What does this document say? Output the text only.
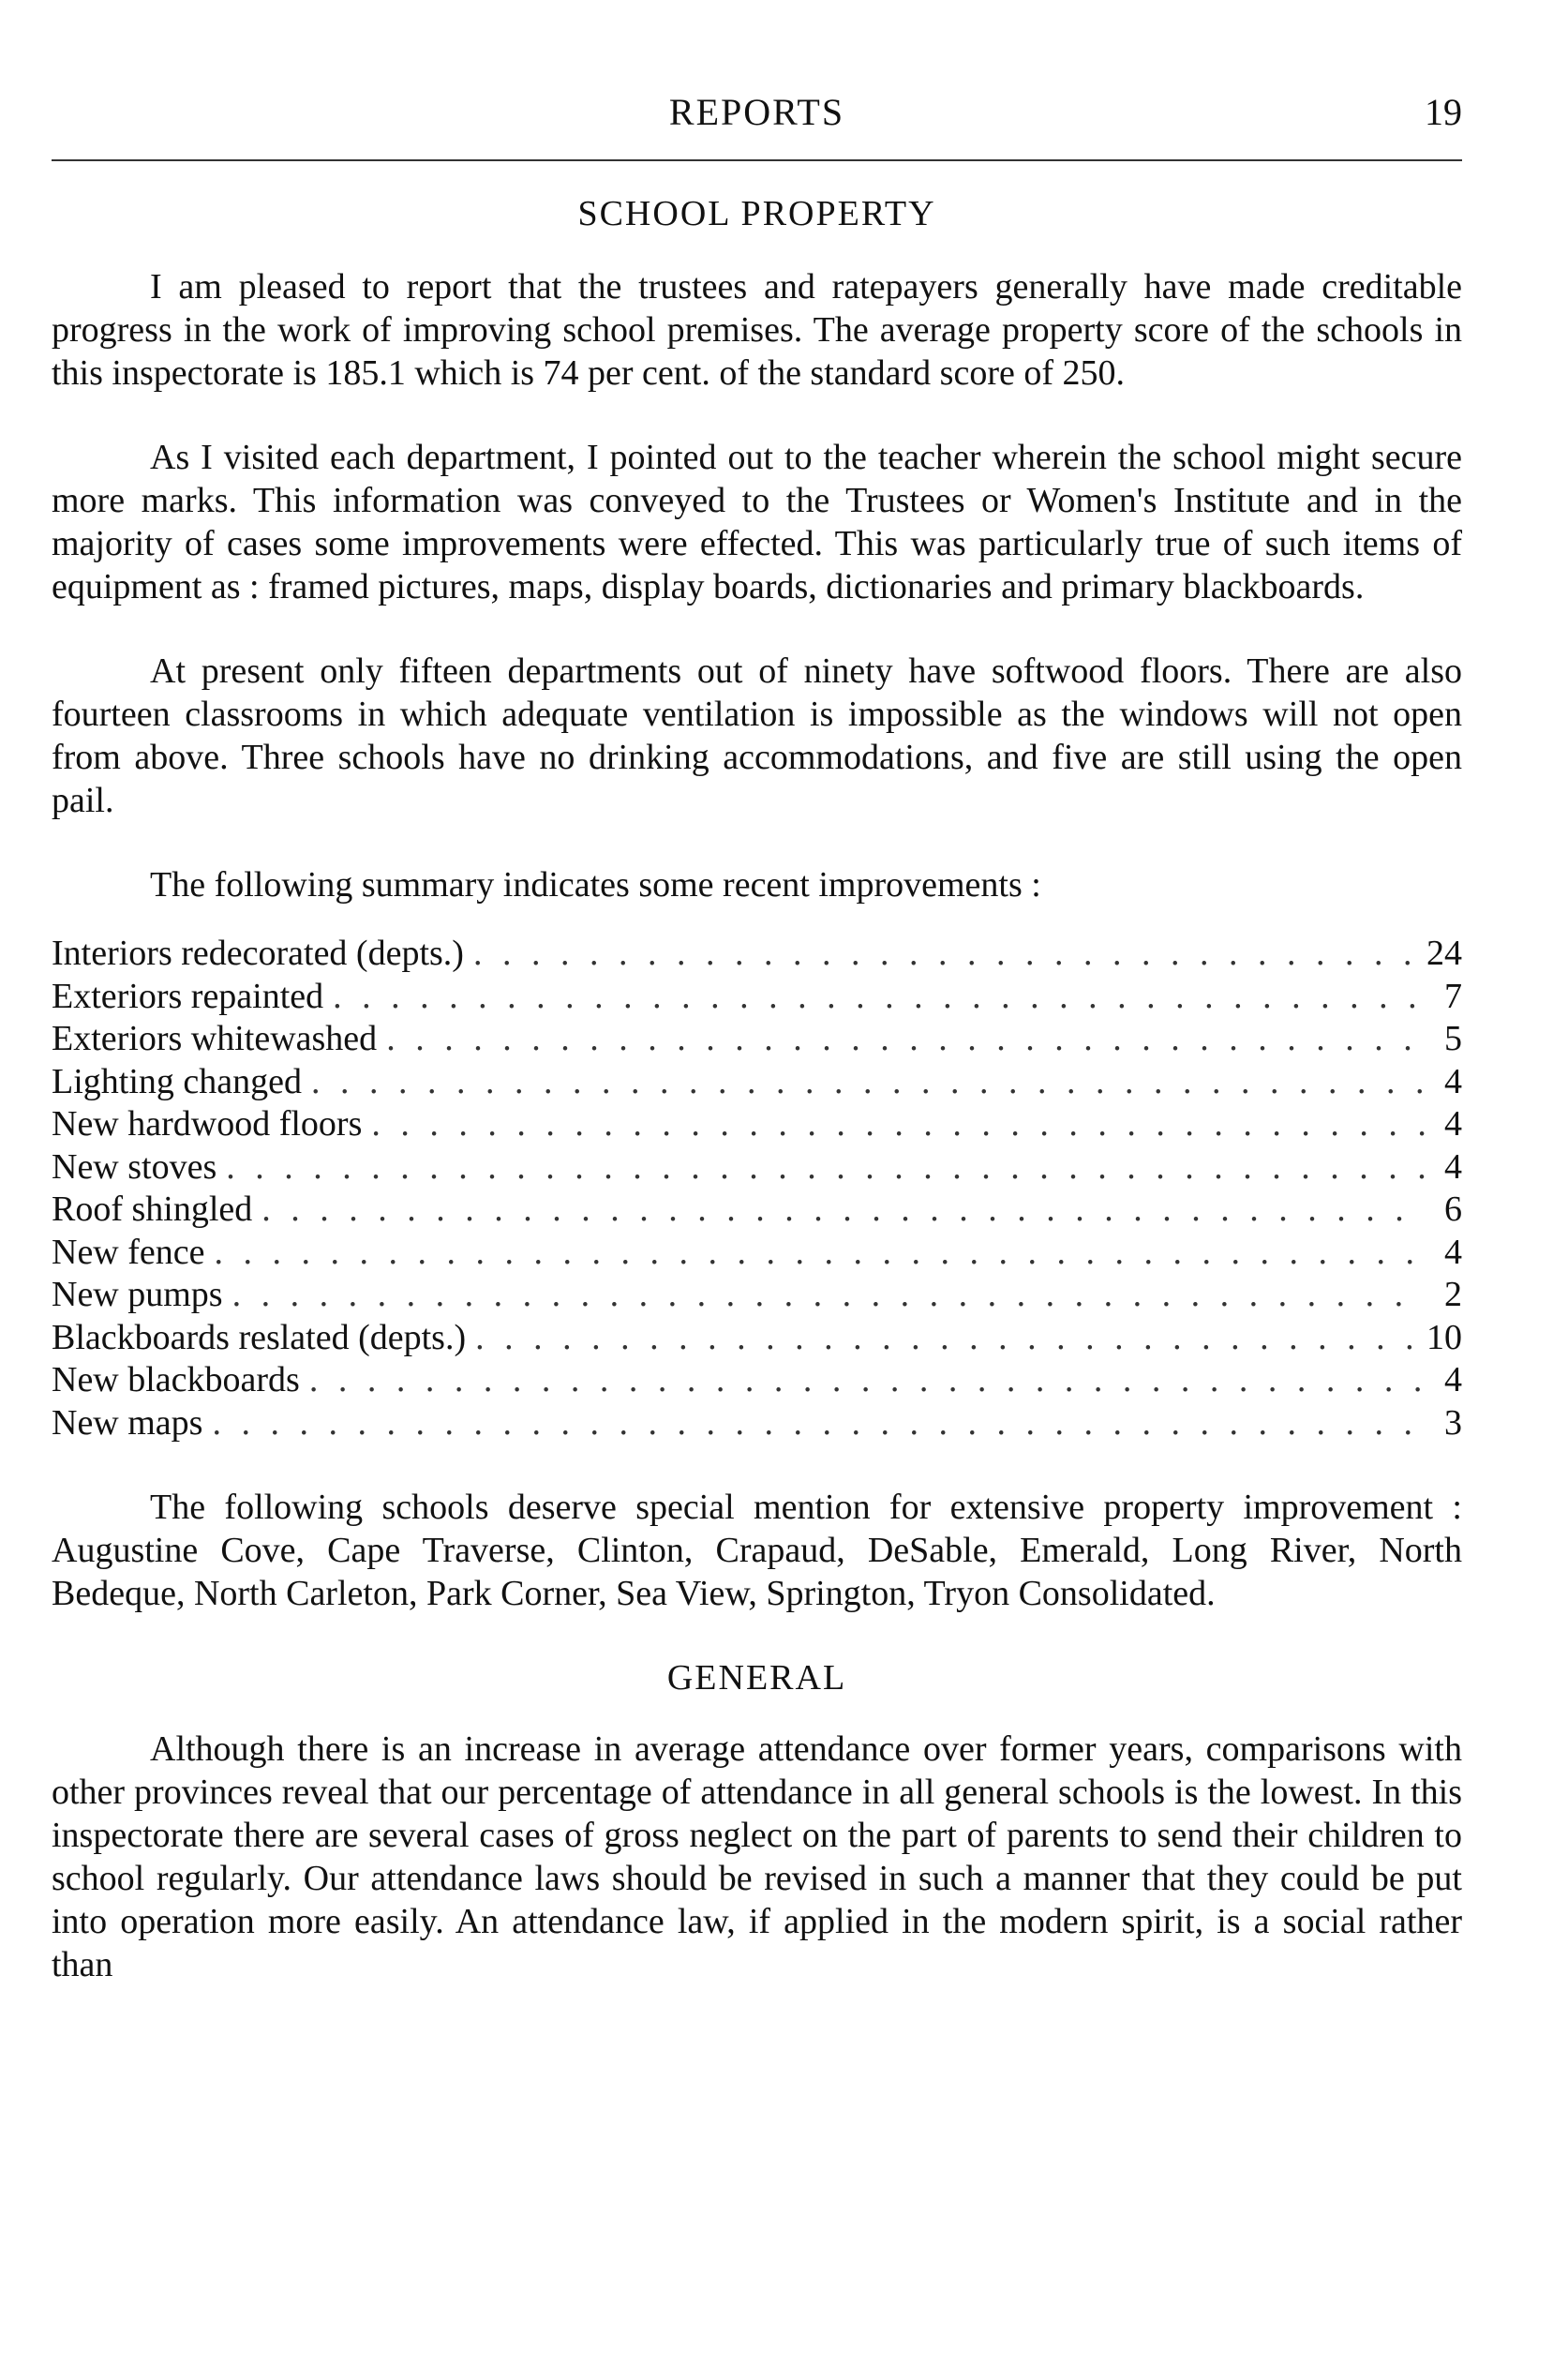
REPORTS	19
SCHOOL PROPERTY

I am pleased to report that the trustees and ratepayers generally have made creditable progress in the work of improving school premises. The average property score of the schools in this inspectorate is 185.1 which is 74 per cent. of the standard score of 250.

As I visited each department, I pointed out to the teacher wherein the school might secure more marks. This information was conveyed to the Trustees or Women's Institute and in the majority of cases some improvements were effected. This was particularly true of such items of equipment as : framed pictures, maps, display boards, dictionaries and primary blackboards.

At present only fifteen departments out of ninety have softwood floors. There are also fourteen classrooms in which adequate ventilation is impossible as the windows will not open from above. Three schools have no drinking accommodations, and five are still using the open pail.

The following summary indicates some recent improvements :

Interiors redecorated (depts.) . . .	24
Exteriors repainted . . .	7
Exteriors whitewashed . . .	5
Lighting changed . . .	4
New hardwood floors . . .	4
New stoves . . .	4
Roof shingled . . .	6
New fence . . .	4
New pumps . . .	2
Blackboards reslated (depts.) . . .	10
New blackboards . . .	4
New maps . . .	3

The following schools deserve special mention for extensive property improvement : Augustine Cove, Cape Traverse, Clinton, Crapaud, DeSable, Emerald, Long River, North Bedeque, North Carleton, Park Corner, Sea View, Springton, Tryon Consolidated.

GENERAL

Although there is an increase in average attendance over former years, comparisons with other provinces reveal that our percentage of attendance in all general schools is the lowest. In this inspectorate there are several cases of gross neglect on the part of parents to send their children to school regularly. Our attendance laws should be revised in such a manner that they could be put into operation more easily. An attendance law, if applied in the modern spirit, is a social rather than
